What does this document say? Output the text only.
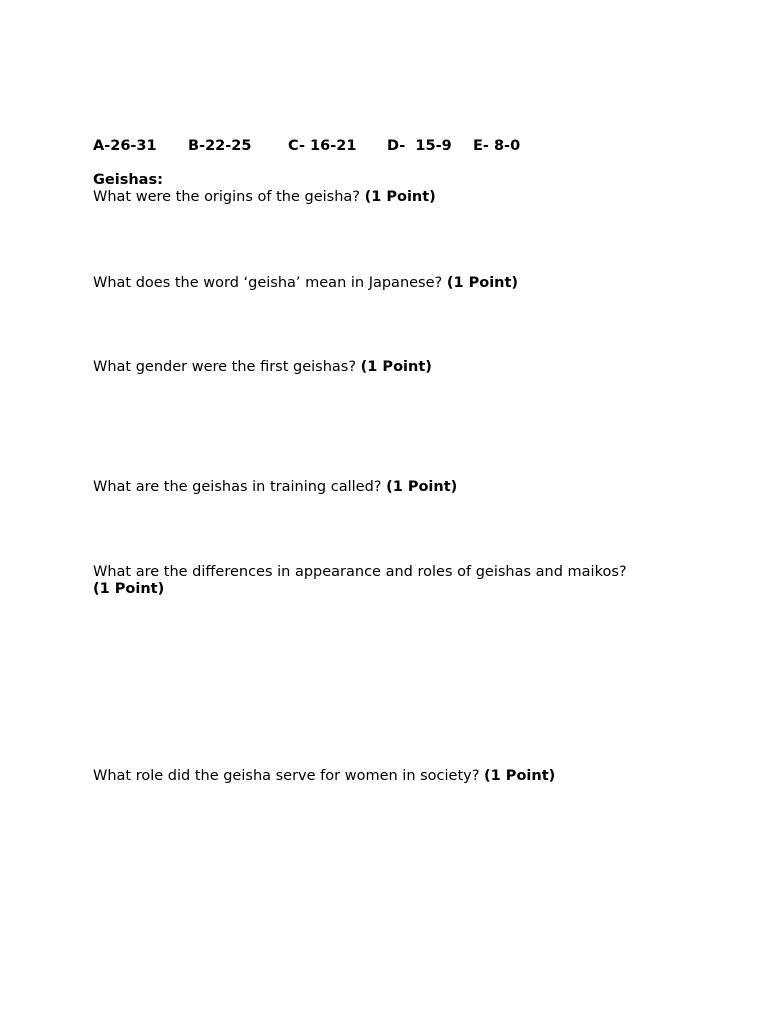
A-26-31 B-22-25	C- 16-21 D-  15-9 E- 8-0
Geishas:
What were the origins of the geisha? (1 Point)
What does the word ‘geisha’ mean in Japanese? (1 Point)
What gender were the first geishas? (1 Point)
What are the geishas in training called? (1 Point)
What are the differences in appearance and roles of geishas and maikos?
(1 Point)
What role did the geisha serve for women in society? (1 Point)
